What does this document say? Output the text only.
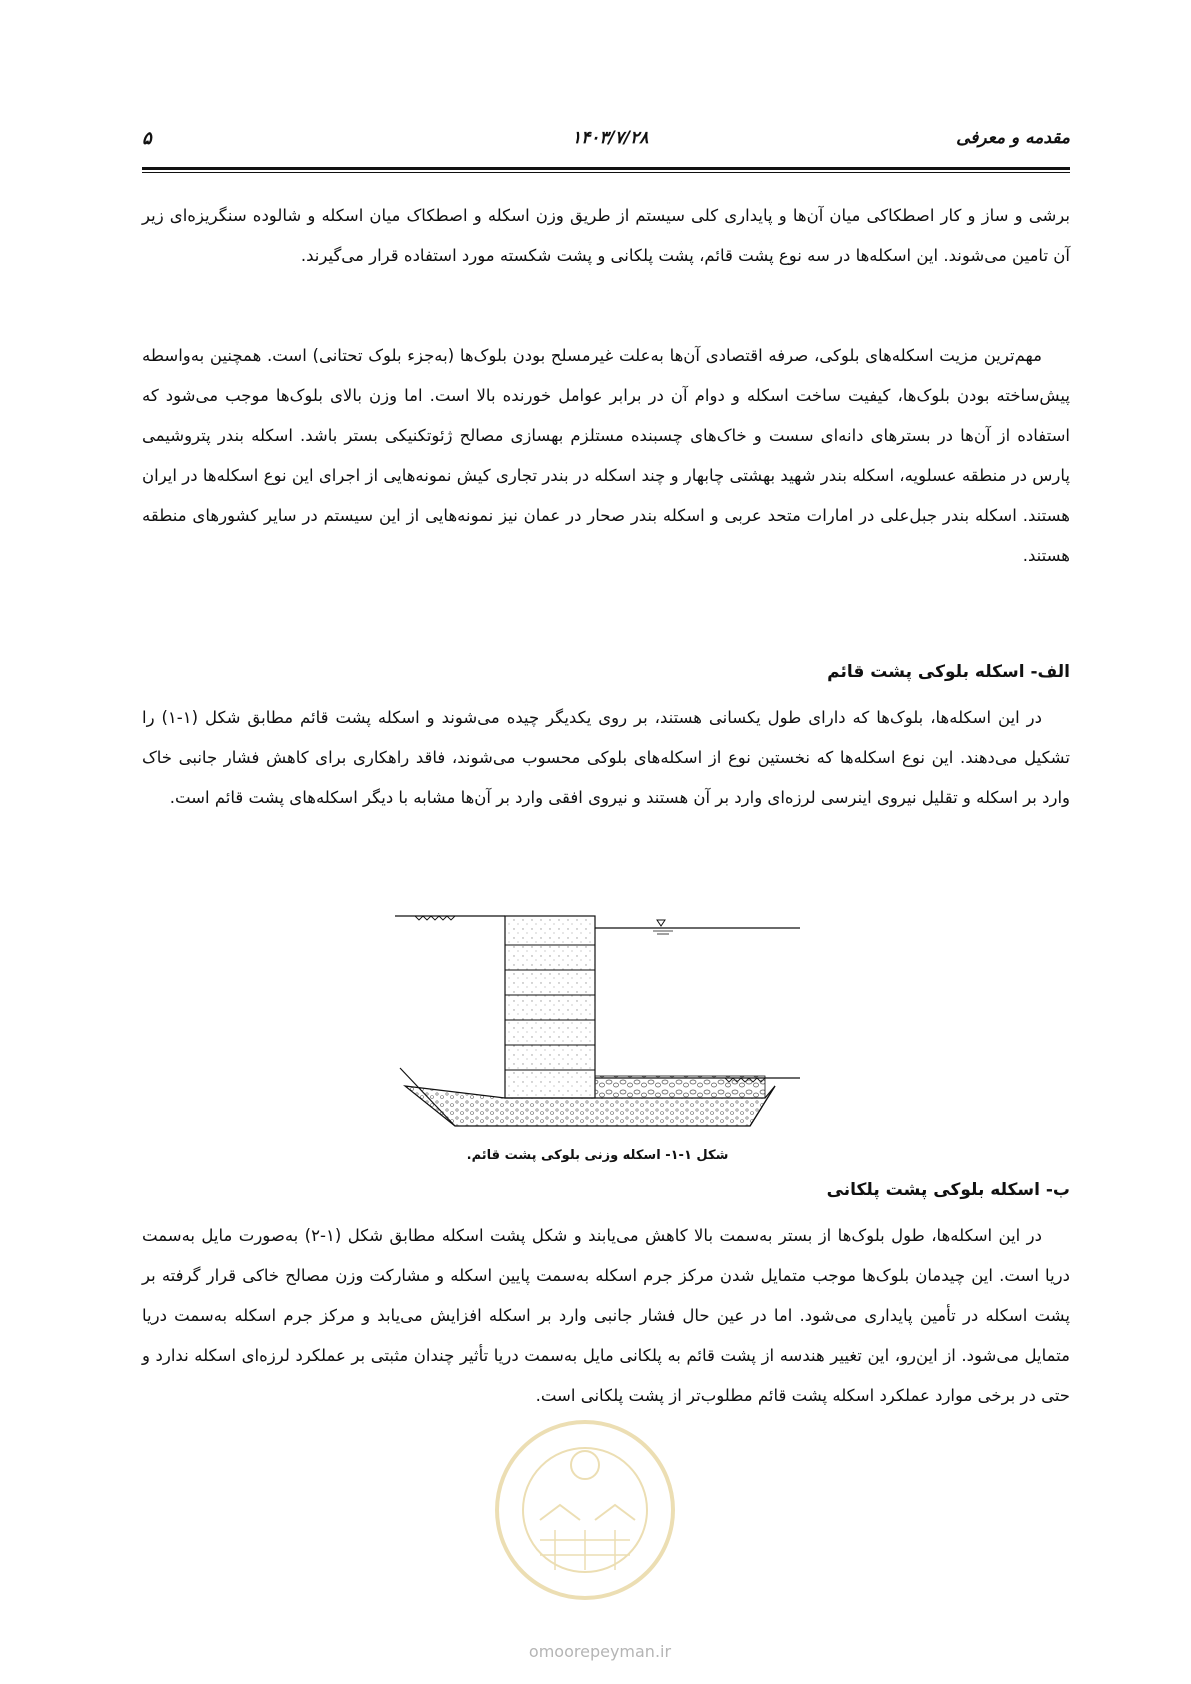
۵	۱۴۰۳/۷/۲۸	مقدمه و معرفی

برشی و ساز و کار اصطکاکی میان آن‌ها و پایداری کلی سیستم از طریق وزن اسکله و اصطکاک میان اسکله و شالوده سنگریزه‌ای زیر آن تامین می‌شوند. این اسکله‌ها در سه نوع پشت قائم، پشت پلکانی و پشت شکسته مورد استفاده قرار می‌گیرند.

مهم‌ترین مزیت اسکله‌های بلوکی، صرفه اقتصادی آن‌ها به‌علت غیرمسلح بودن بلوک‌ها (به‌جزء بلوک تحتانی) است. همچنین به‌واسطه پیش‌ساخته بودن بلوک‌ها، کیفیت ساخت اسکله و دوام آن در برابر عوامل خورنده بالا است. اما وزن بالای بلوک‌ها موجب می‌شود که استفاده از آن‌ها در بسترهای دانه‌ای سست و خاک‌های چسبنده مستلزم بهسازی مصالح ژئوتکنیکی بستر باشد. اسکله بندر پتروشیمی پارس در منطقه عسلویه، اسکله بندر شهید بهشتی چابهار و چند اسکله در بندر تجاری کیش نمونه‌هایی از اجرای این نوع اسکله‌ها در ایران هستند. اسکله بندر جبل‌علی در امارات متحد عربی و اسکله بندر صحار در عمان نیز نمونه‌هایی از این سیستم در سایر کشورهای منطقه هستند.

الف- اسکله بلوکی پشت قائم

در این اسکله‌ها، بلوک‌ها که دارای طول یکسانی هستند، بر روی یکدیگر چیده می‌شوند و اسکله پشت قائم مطابق شکل (۱-۱) را تشکیل می‌دهند. این نوع اسکله‌ها که نخستین نوع از اسکله‌های بلوکی محسوب می‌شوند، فاقد راهکاری برای کاهش فشار جانبی خاک وارد بر اسکله و تقلیل نیروی اینرسی لرزه‌ای وارد بر آن هستند و نیروی افقی وارد بر آن‌ها مشابه با دیگر اسکله‌های پشت قائم است.

شکل ۱-۱- اسکله وزنی بلوکی پشت قائم.
ب- اسکله بلوکی پشت پلکانی

در این اسکله‌ها، طول بلوک‌ها از بستر به‌سمت بالا کاهش می‌یابند و شکل پشت اسکله مطابق شکل (۱-۲) به‌صورت مایل به‌سمت دریا است. این چیدمان بلوک‌ها موجب متمایل شدن مرکز جرم اسکله به‌سمت پایین اسکله و مشارکت وزن مصالح خاکی قرار گرفته بر پشت اسکله در تأمین پایداری می‌شود. اما در عین حال فشار جانبی وارد بر اسکله افزایش می‌یابد و مرکز جرم اسکله به‌سمت دریا متمایل می‌شود. از این‌رو، این تغییر هندسه از پشت قائم به پلکانی مایل به‌سمت دریا تأثیر چندان مثبتی بر عملکرد لرزه‌ای اسکله ندارد و حتی در برخی موارد عملکرد اسکله پشت قائم مطلوب‌تر از پشت پلکانی است.

omoorepeyman.ir
